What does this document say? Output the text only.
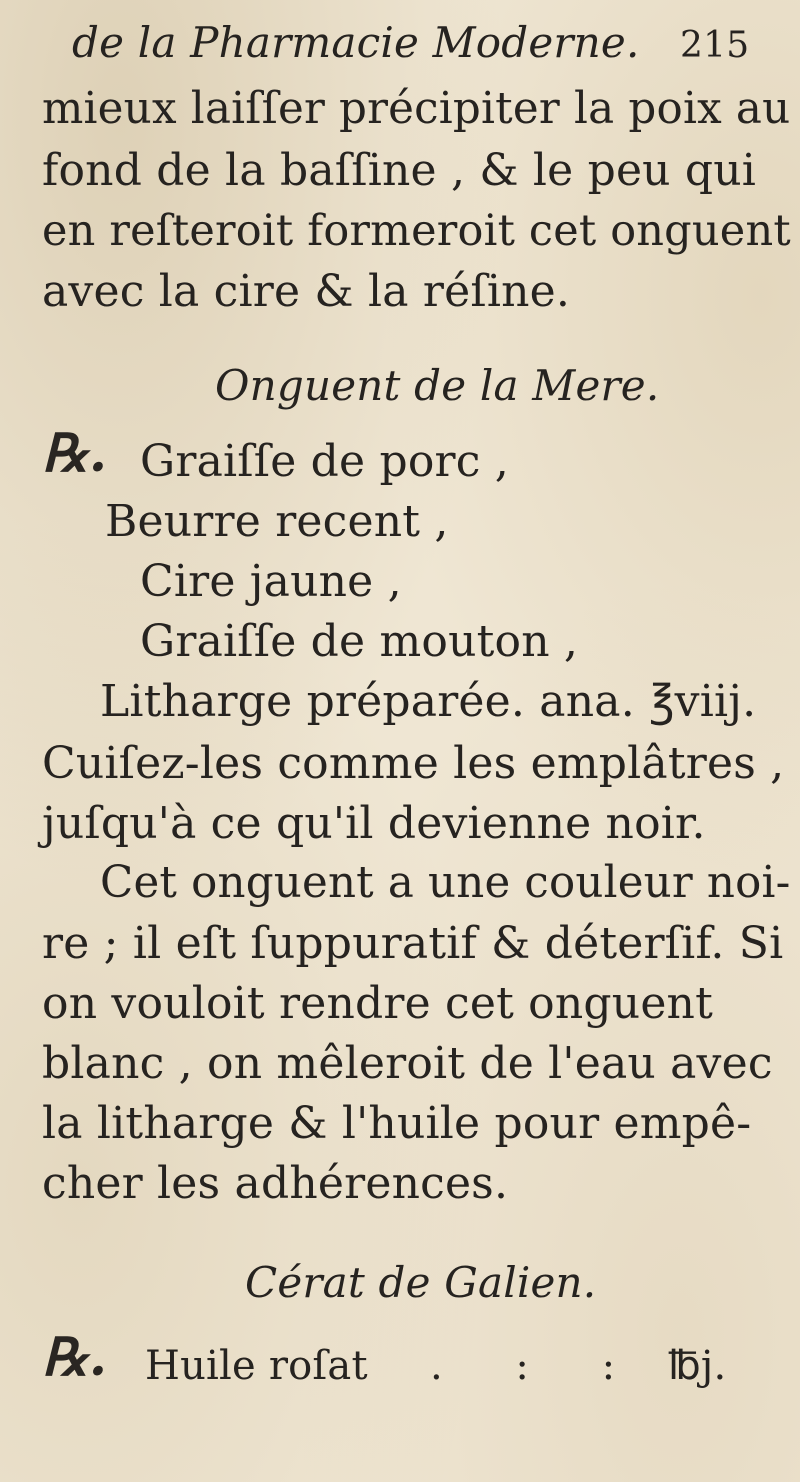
de la Pharmacie Moderne. 215
mieux laiſſer précipiter la poix au
fond de la baſſine , & le peu qui
en reſteroit formeroit cet onguent
avec la cire & la réſine.
Onguent de la Mere.
℞. Graiſſe de porc ,
Beurre recent ,
Cire jaune ,
Graiſſe de mouton ,
Litharge préparée. ana. ℥viij.
Cuiſez-les comme les emplâtres ,
juſqu'à ce qu'il devienne noir.
Cet onguent a une couleur noi-
re ; il eſt ſuppuratif & déterſif. Si
on vouloit rendre cet onguent
blanc , on mêleroit de l'eau avec
la litharge & l'huile pour empê-
cher les adhérences.
Cérat de Galien.
℞. Huile roſat . : : ℔j.
